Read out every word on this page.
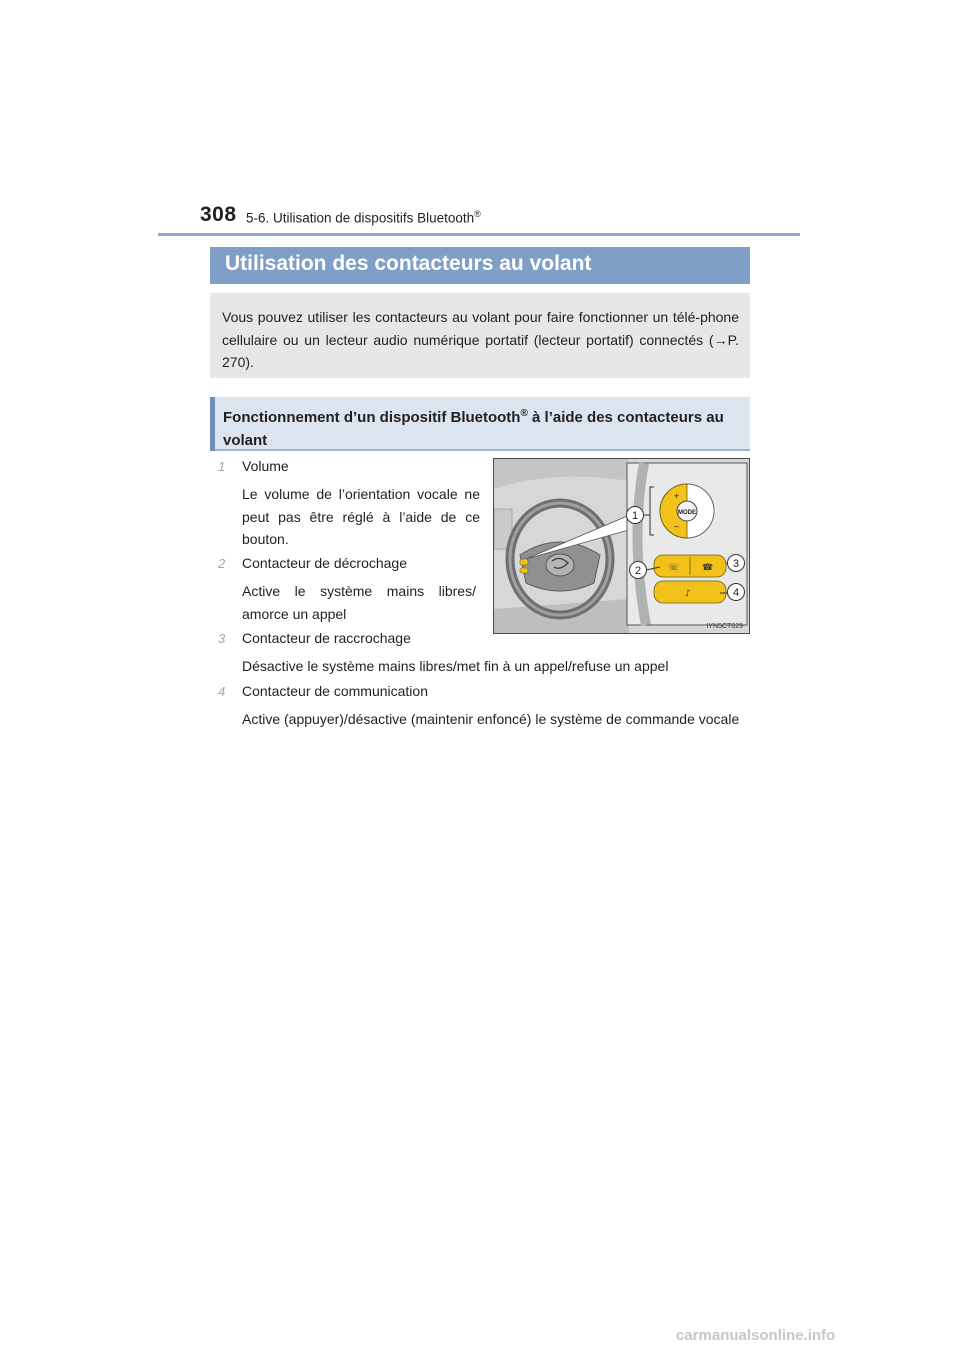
308 5-6. Utilisation de dispositifs Bluetooth®
Utilisation des contacteurs au volant
Vous pouvez utiliser les contacteurs au volant pour faire fonctionner un télé-phone cellulaire ou un lecteur audio numérique portatif (lecteur portatif) connectés (→P. 270).
Fonctionnement d’un dispositif Bluetooth® à l’aide des contacteurs au volant
1	Volume
Le volume de l’orientation vocale ne peut pas être réglé à l’aide de ce bouton.
2	Contacteur de décrochage
Active le système mains libres/ amorce un appel
3	Contacteur de raccrochage
Désactive le système mains libres/met fin à un appel/refuse un appel
4	Contacteur de communication
Active (appuyer)/désactive (maintenir enfoncé) le système de commande vocale
MODE
+
–
☏	☎
♪
1
2
3
4
IYN5CT029
carmanualsonline.info
